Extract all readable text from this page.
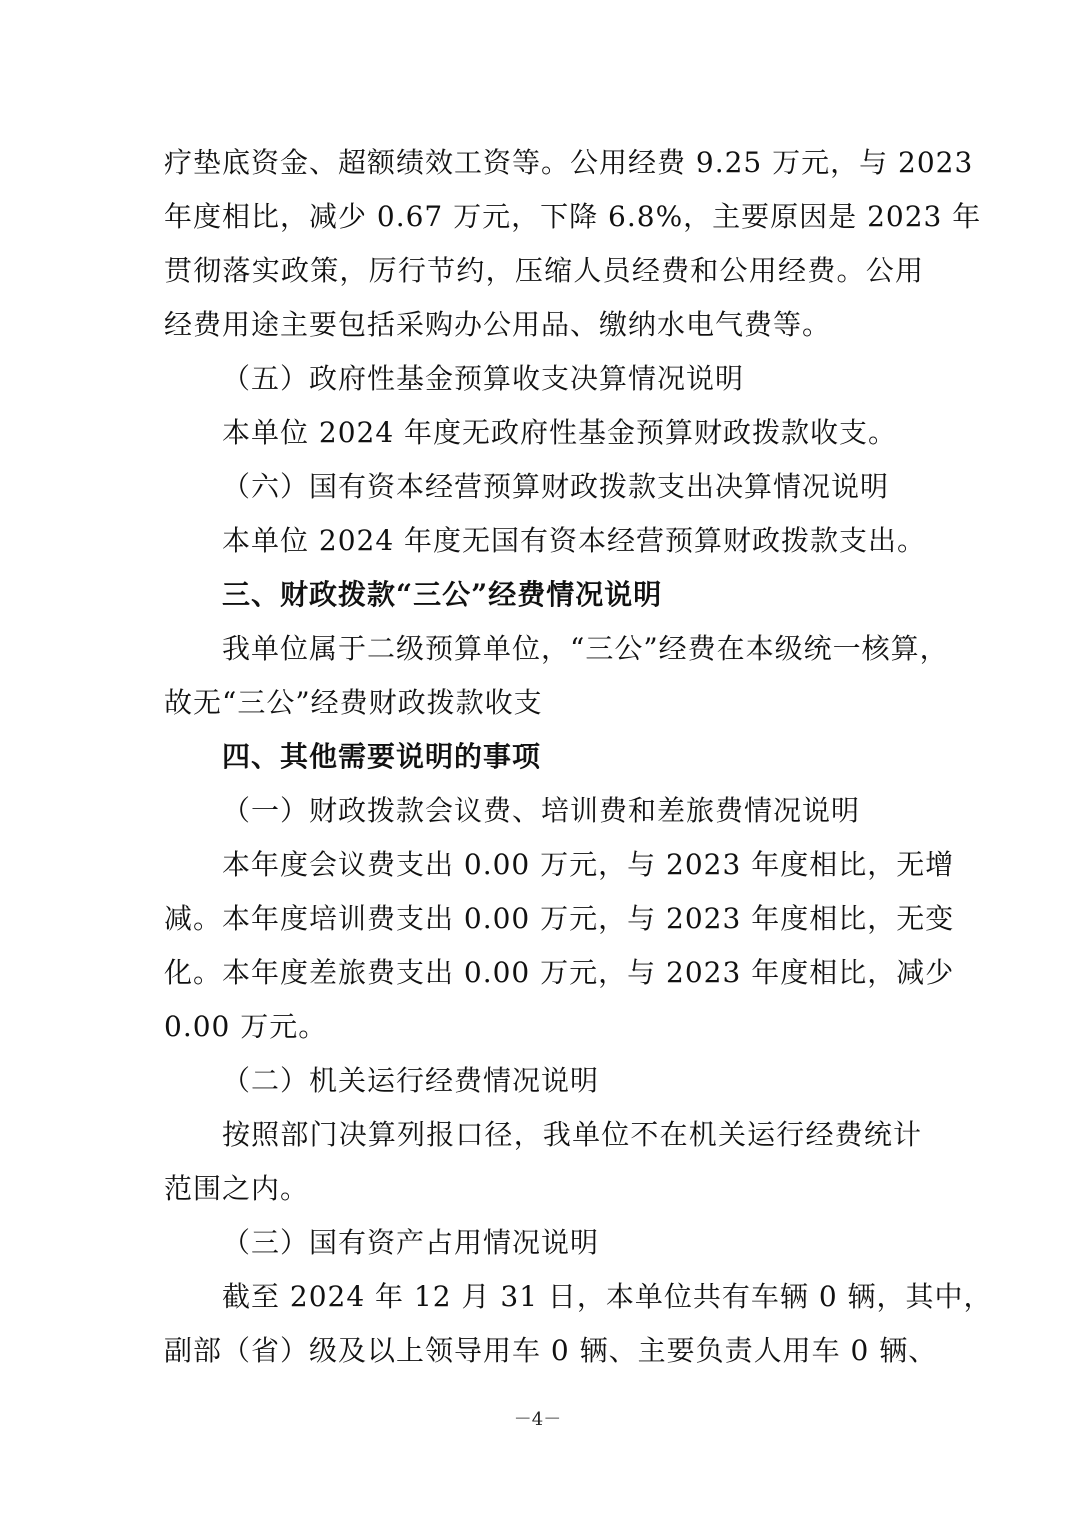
疗垫底资金、超额绩效工资等。公用经费 9.25 万元，与 2023
年度相比，减少 0.67 万元，下降 6.8%，主要原因是 2023 年
贯彻落实政策，厉行节约，压缩人员经费和公用经费。公用
经费用途主要包括采购办公用品、缴纳水电气费等。
（五）政府性基金预算收支决算情况说明
本单位 2024 年度无政府性基金预算财政拨款收支。
（六）国有资本经营预算财政拨款支出决算情况说明
本单位 2024 年度无国有资本经营预算财政拨款支出。
三、财政拨款“三公”经费情况说明
我单位属于二级预算单位，“三公”经费在本级统一核算，
故无“三公”经费财政拨款收支
四、其他需要说明的事项
（一）财政拨款会议费、培训费和差旅费情况说明
本年度会议费支出 0.00 万元，与 2023 年度相比，无增
减。本年度培训费支出 0.00 万元，与 2023 年度相比，无变
化。本年度差旅费支出 0.00 万元，与 2023 年度相比，减少
0.00 万元。
（二）机关运行经费情况说明
按照部门决算列报口径，我单位不在机关运行经费统计
范围之内。
（三）国有资产占用情况说明
截至 2024 年 12 月 31 日，本单位共有车辆 0 辆，其中，
副部（省）级及以上领导用车 0 辆、主要负责人用车 0 辆、
－4－
